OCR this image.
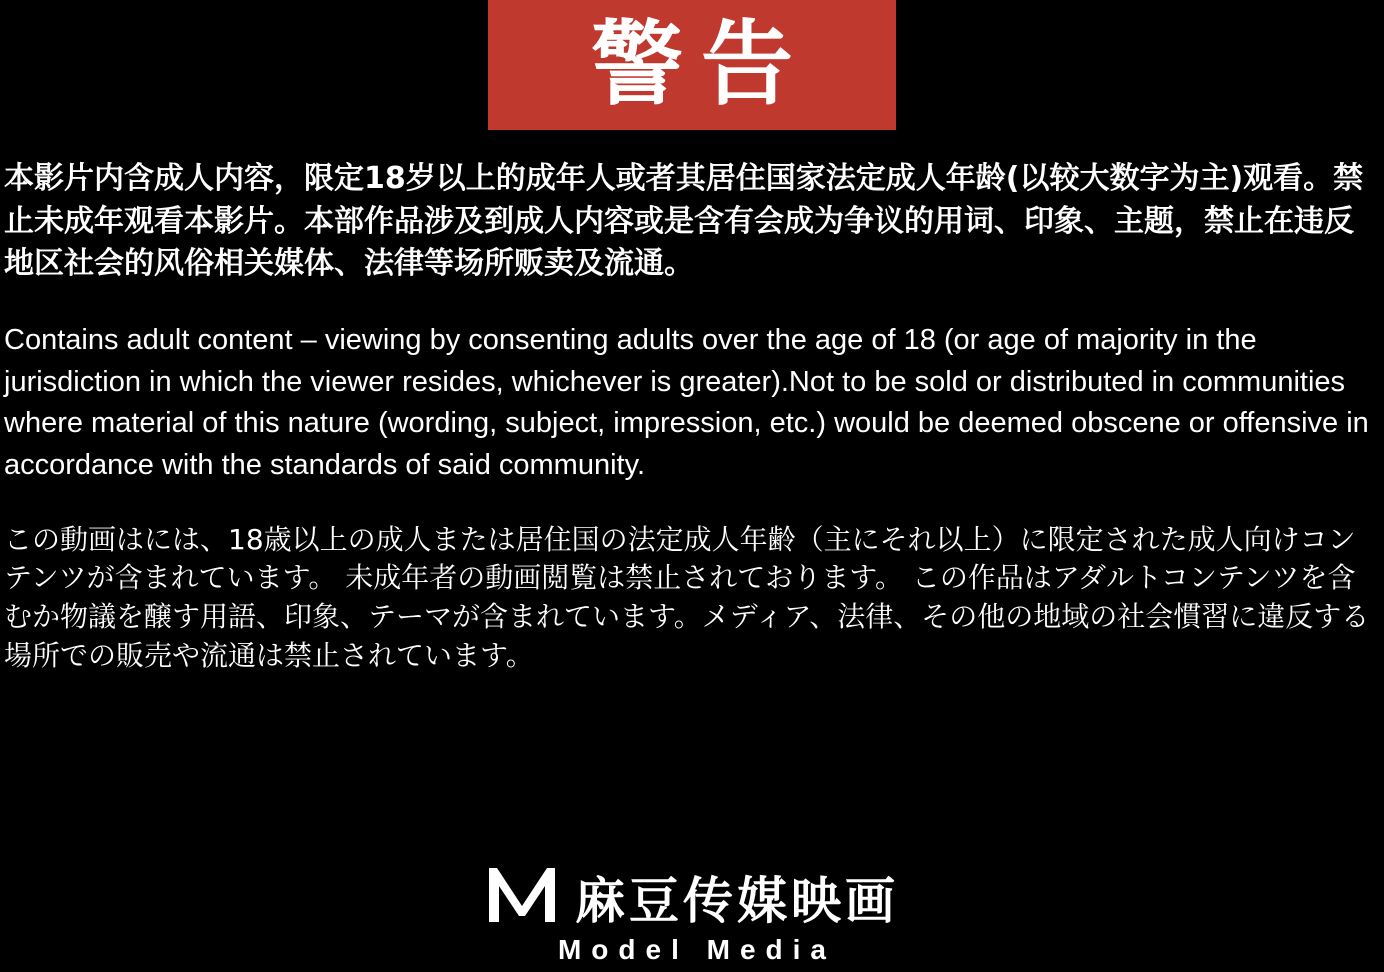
警告

本影片内含成人内容，限定18岁以上的成年人或者其居住国家法定成人年龄(以较大数字为主)观看。禁止未成年观看本影片。本部作品涉及到成人内容或是含有会成为争议的用词、印象、主题，禁止在违反地区社会的风俗相关媒体、法律等场所贩卖及流通。

Contains adult content – viewing by consenting adults over the age of 18 (or age of majority in the jurisdiction in which the viewer resides, whichever is greater).Not to be sold or distributed in communities where material of this nature (wording, subject, impression, etc.) would be deemed obscene or offensive in accordance with the standards of said community.

この動画はには、18歳以上の成人または居住国の法定成人年齢（主にそれ以上）に限定された成人向けコンテンツが含まれています。 未成年者の動画閲覧は禁止されております。 この作品はアダルトコンテンツを含むか物議を醸す用語、印象、テーマが含まれています。メディア、法律、その他の地域の社会慣習に違反する場所での販売や流通は禁止されています。

麻豆传媒映画
Model Media
